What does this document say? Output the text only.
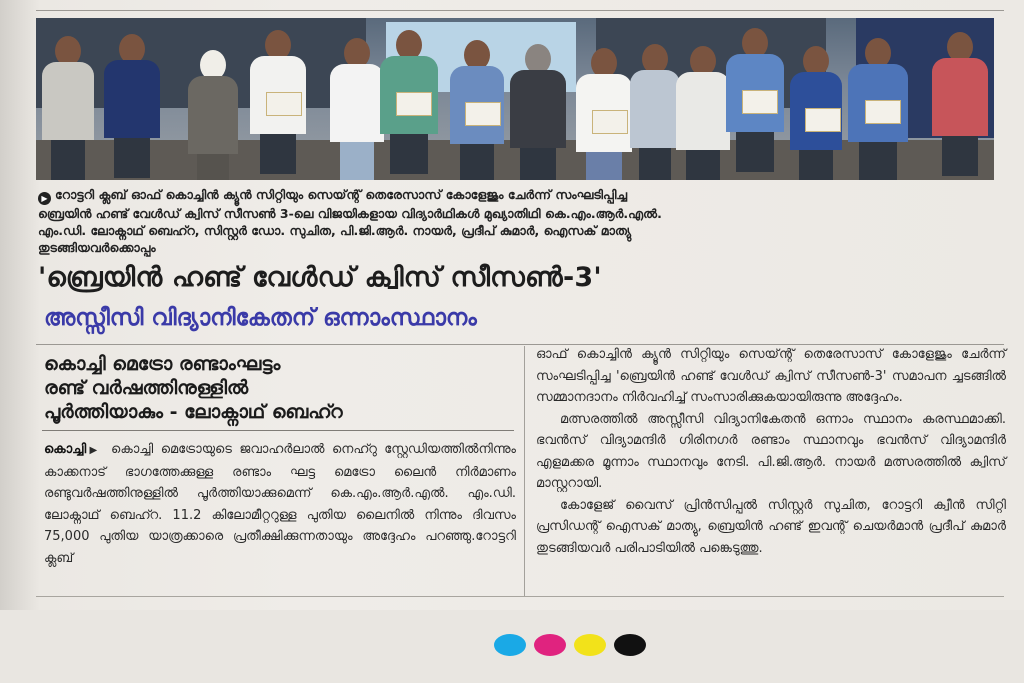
▶ റോട്ടറി ക്ലബ് ഓഫ് കൊച്ചിൻ ക്യൂൻ സിറ്റിയും സെയ്ന്റ് തെരേസാസ് കോളേജും ചേർന്ന് സംഘടിപ്പിച്ച
ബ്രെയിൻ ഹണ്ട് വേൾഡ് ക്വിസ് സീസൺ 3-ലെ വിജയികളായ വിദ്യാർഥികൾ മുഖ്യാതിഥി കെ.എം.ആർ.എൽ.
എം.ഡി. ലോക്നാഥ് ബെഹ്റ, സിസ്റ്റർ ഡോ. സുചിത, പി.ജി.ആർ. നായർ, പ്രദീപ് കുമാർ, ഐസക് മാത്യു
തുടങ്ങിയവർക്കൊപ്പം
'ബ്രെയിൻ ഹണ്ട് വേൾഡ് ക്വിസ് സീസൺ-3'
അസ്സീസി വിദ്യാനികേതന് ഒന്നാംസ്ഥാനം
കൊച്ചി മെട്രോ രണ്ടാംഘട്ടം
രണ്ട് വർഷത്തിനുള്ളിൽ
പൂർത്തിയാകും - ലോക്നാഥ് ബെഹ്റ

കൊച്ചി▶ കൊച്ചി മെട്രോയുടെ ജവാഹർലാൽ നെഹ്റു സ്റ്റേഡിയത്തിൽനിന്നും കാക്കനാട് ഭാഗത്തേക്കുള്ള രണ്ടാം ഘട്ട മെട്രോ ലൈൻ നിർമാണം രണ്ടുവർഷത്തിനുള്ളിൽ പൂർത്തിയാക്കുമെന്ന് കെ.എം.ആർ.എൽ. എം.ഡി. ലോക്നാഥ് ബെഹ്റ. 11.2 കിലോമീറ്ററുള്ള പുതിയ ലൈനിൽ നിന്നും ദിവസം 75,000 പുതിയ യാത്രക്കാരെ പ്രതീക്ഷിക്കുന്നതായും അദ്ദേഹം പറഞ്ഞു.റോട്ടറി ക്ലബ്

ഓഫ് കൊച്ചിൻ ക്യൂൻ സിറ്റിയും സെയ്ന്റ് തെരേസാസ് കോളേജും ചേർന്ന് സംഘടിപ്പിച്ച 'ബ്രെയിൻ ഹണ്ട് വേൾഡ് ക്വിസ് സീസൺ-3' സമാപന ച്ചടങ്ങിൽ സമ്മാനദാനം നിർവഹിച്ച് സംസാരിക്കുകയായിരുന്നു അദ്ദേഹം.

മത്സരത്തിൽ അസ്സീസി വിദ്യാനികേതൻ ഒന്നാം സ്ഥാനം കരസ്ഥമാക്കി. ഭവൻസ് വിദ്യാമന്ദിർ ഗിരിനഗർ രണ്ടാം സ്ഥാനവും ഭവൻസ് വിദ്യാമന്ദിർ എളമക്കര മൂന്നാം സ്ഥാനവും നേടി. പി.ജി.ആർ. നായർ മത്സരത്തിൽ ക്വിസ് മാസ്റ്ററായി.

കോളേജ് വൈസ് പ്രിൻസിപ്പൽ സിസ്റ്റർ സുചിത, റോട്ടറി ക്വീൻ സിറ്റി പ്രസിഡന്റ് ഐസക് മാത്യു, ബ്രെയിൻ ഹണ്ട് ഇവന്റ് ചെയർമാൻ പ്രദീപ് കുമാർ തുടങ്ങിയവർ പരിപാടിയിൽ പങ്കെടുത്തു.
